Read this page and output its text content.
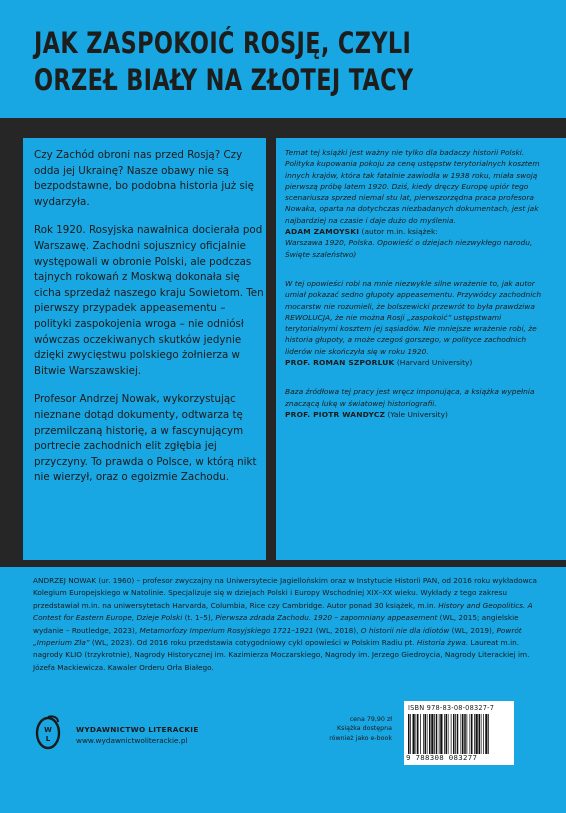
JAK ZASPOKOIĆ ROSJĘ, CZYLI
ORZEŁ BIAŁY NA ZŁOTEJ TACY

Czy Zachód obroni nas przed Rosją? Czy odda jej Ukrainę? Nasze obawy nie są bezpodstawne, bo podobna historia już się wydarzyła.

Rok 1920. Rosyjska nawałnica docierała pod Warszawę. Zachodni sojusznicy oficjalnie występowali w obronie Polski, ale podczas tajnych rokowań z Moskwą dokonała się cicha sprzedaż naszego kraju Sowietom. Ten pierwszy przypadek appeasementu – polityki zaspokojenia wroga – nie odniósł wówczas oczekiwanych skutków jedynie dzięki zwycięstwu polskiego żołnierza w Bitwie Warszawskiej.

Profesor Andrzej Nowak, wykorzystując nieznane dotąd dokumenty, odtwarza tę przemilczaną historię, a w fascynującym portrecie zachodnich elit zgłębia jej przyczyny. To prawda o Polsce, w którą nikt nie wierzył, oraz o egoizmie Zachodu.

Temat tej książki jest ważny nie tylko dla badaczy historii Polski. Polityka kupowania pokoju za cenę ustępstw terytorialnych kosztem innych krajów, która tak fatalnie zawiodła w 1938 roku, miała swoją pierwszą próbę latem 1920. Dziś, kiedy dręczy Europę upiór tego scenariusza sprzed niemal stu lat, pierwszorzędna praca profesora Nowaka, oparta na dotychczas niezbadanych dokumentach, jest jak najbardziej na czasie i daje dużo do myślenia.

ADAM ZAMOYSKI (autor m.in. książek:

Warszawa 1920, Polska. Opowieść o dziejach niezwykłego narodu, Święte szaleństwo)

W tej opowieści robi na mnie niezwykle silne wrażenie to, jak autor umiał pokazać sedno głupoty appeasementu. Przywódcy zachodnich mocarstw nie rozumieli, że bolszewicki przewrót to była prawdziwa REWOLUCJA, że nie można Rosji „zaspokoić” ustępstwami terytorialnymi kosztem jej sąsiadów. Nie mniejsze wrażenie robi, że historia głupoty, a może czegoś gorszego, w polityce zachodnich liderów nie skończyła się w roku 1920.

PROF. ROMAN SZPORLUK (Harvard University)

Baza źródłowa tej pracy jest wręcz imponująca, a książka wypełnia znaczącą lukę w światowej historiografii.

PROF. PIOTR WANDYCZ (Yale University)

ANDRZEJ NOWAK (ur. 1960) – profesor zwyczajny na Uniwersytecie Jagiellońskim oraz w Instytucie Historii PAN, od 2016 roku wykładowca Kolegium Europejskiego w Natolinie. Specjalizuje się w dziejach Polski i Europy Wschodniej XIX–XX wieku. Wykłady z tego zakresu przedstawiał m.in. na uniwersytetach Harvarda, Columbia, Rice czy Cambridge. Autor ponad 30 książek, m.in. History and Geopolitics. A Contest for Eastern Europe, Dzieje Polski (t. 1–5), Pierwsza zdrada Zachodu. 1920 – zapomniany appeasement (WL, 2015; angielskie wydanie – Routledge, 2023), Metamorfozy Imperium Rosyjskiego 1721–1921 (WL, 2018), O historii nie dla idiotów (WL, 2019), Powrót „Imperium Zła” (WL, 2023). Od 2016 roku przedstawia cotygodniowy cykl opowieści w Polskim Radiu pt. Historia żywa. Laureat m.in. nagrody KLIO (trzykrotnie), Nagrody Historycznej im. Kazimierza Moczarskiego, Nagrody im. Jerzego Giedroycia, Nagrody Literackiej im. Józefa Mackiewicza. Kawaler Orderu Orła Białego.
W
L
WYDAWNICTWO LITERACKIE
www.wydawnictwoliterackie.pl
cena 79,90 zł
Książka dostępna
również jako e-book
ISBN 978-83-08-08327-7
9 788308 083277
